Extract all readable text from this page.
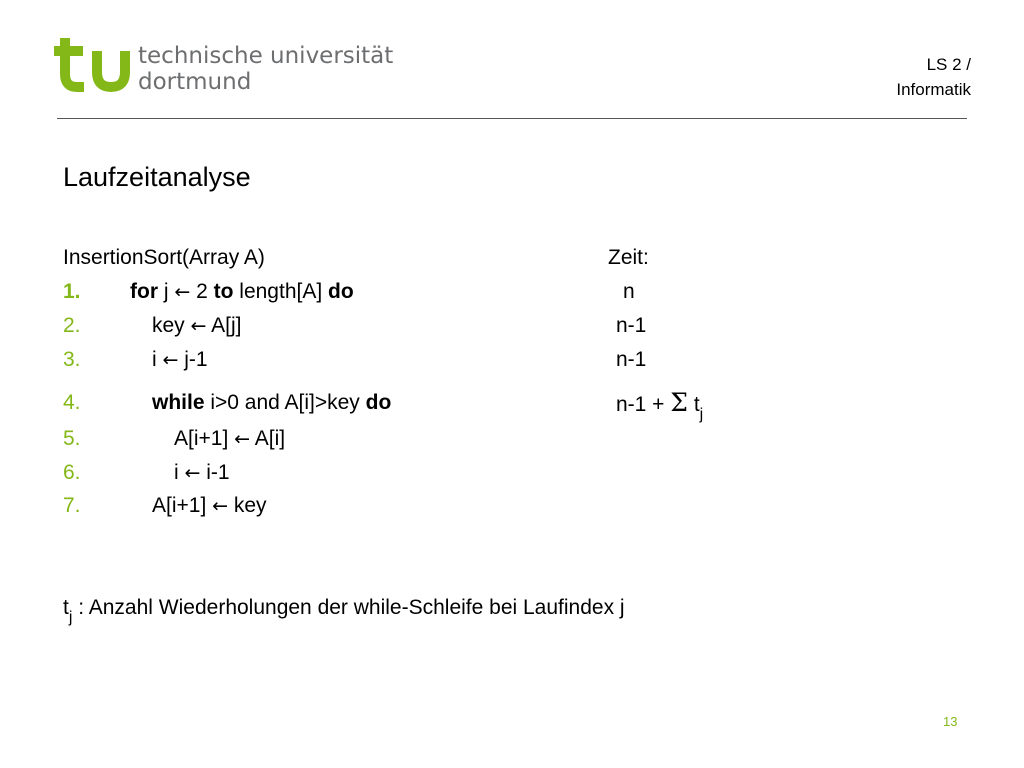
technische universität
dortmund
LS 2 /
Informatik
Laufzeitanalyse
InsertionSort(Array A)	Zeit:
1. for j ← 2 to length[A] do	n
2.	key ← A[j]	n-1
3.	i ← j-1	n-1
4.	while i>0 and A[i]>key do	n-1 + Σ $t_j$
5.	A[i+1] ← A[i]
6.	i ← i-1
7.	A[i+1] ← key
$t_j$ : Anzahl Wiederholungen der while-Schleife bei Laufindex j
13
